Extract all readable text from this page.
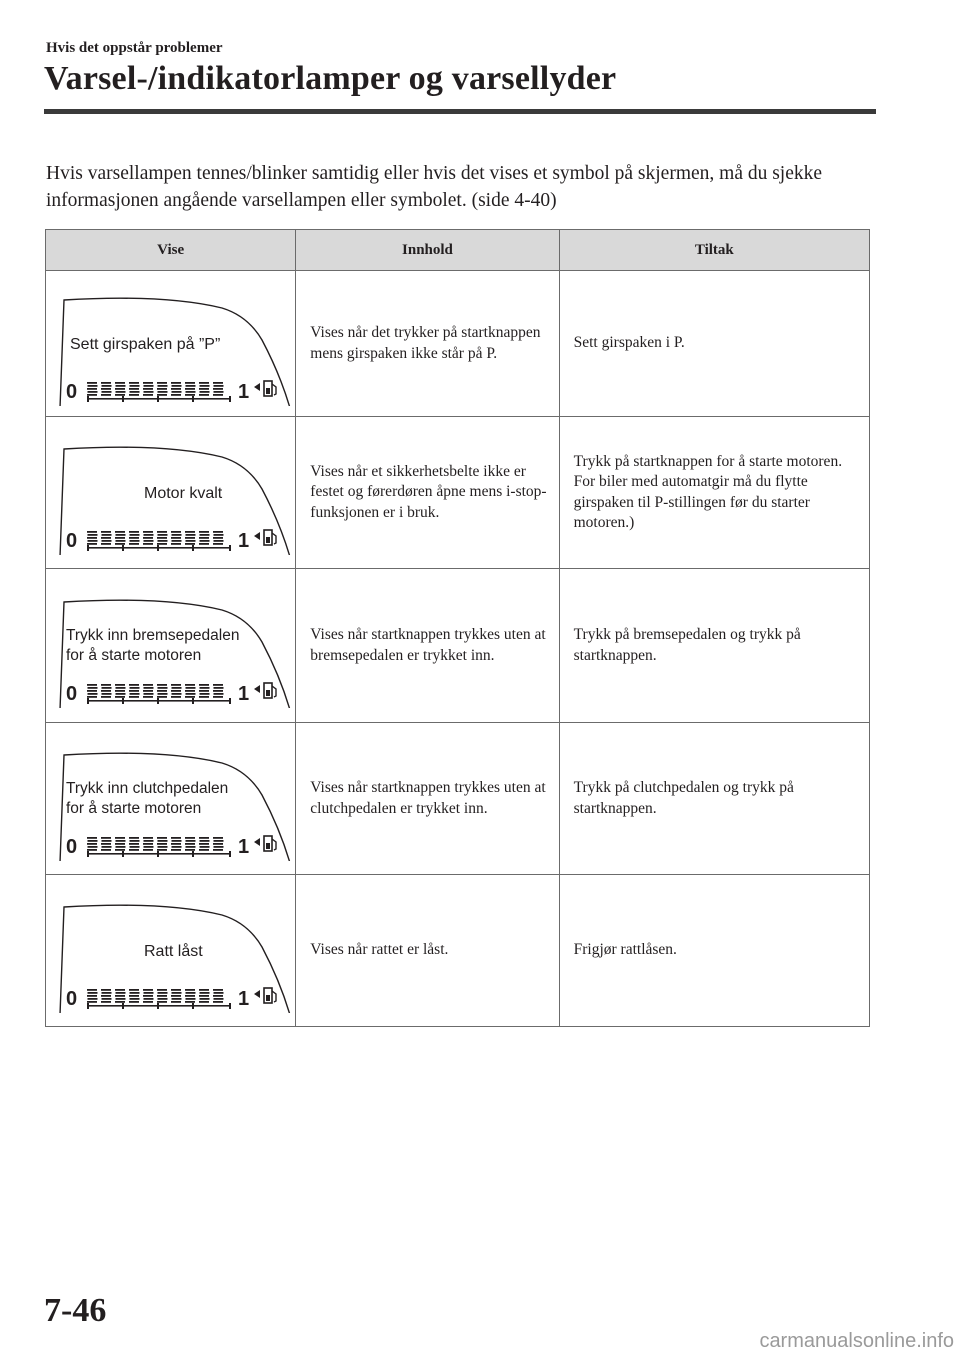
Hvis det oppstår problemer
Varsel-/indikatorlamper og varsellyder
Hvis varsellampen tennes/blinker samtidig eller hvis det vises et symbol på skjermen, må du sjekke informasjonen angående varsellampen eller symbolet. (side 4-40)
Vise	Innhold	Tiltak

Sett girspaken på ”P”
0 1	Vises når det trykker på startknappen mens girspaken ikke står på P.	Sett girspaken i P.

Motor kvalt
0 1	Vises når et sikkerhetsbelte ikke er festet og førerdøren åpne mens i-stop-funksjonen er i bruk.	Trykk på startknappen for å starte motoren. For biler med automatgir må du flytte girspaken til P-stillingen før du starter motoren.)

Trykk inn bremsepedalen
for å starte motoren
0 1	Vises når startknappen trykkes uten at bremsepedalen er trykket inn.	Trykk på bremsepedalen og trykk på startknappen.

Trykk inn clutchpedalen
for å starte motoren
0 1	Vises når startknappen trykkes uten at clutchpedalen er trykket inn.	Trykk på clutchpedalen og trykk på startknappen.

Ratt låst
0 1	Vises når rattet er låst.	Frigjør rattlåsen.
7-46
carmanualsonline.info
